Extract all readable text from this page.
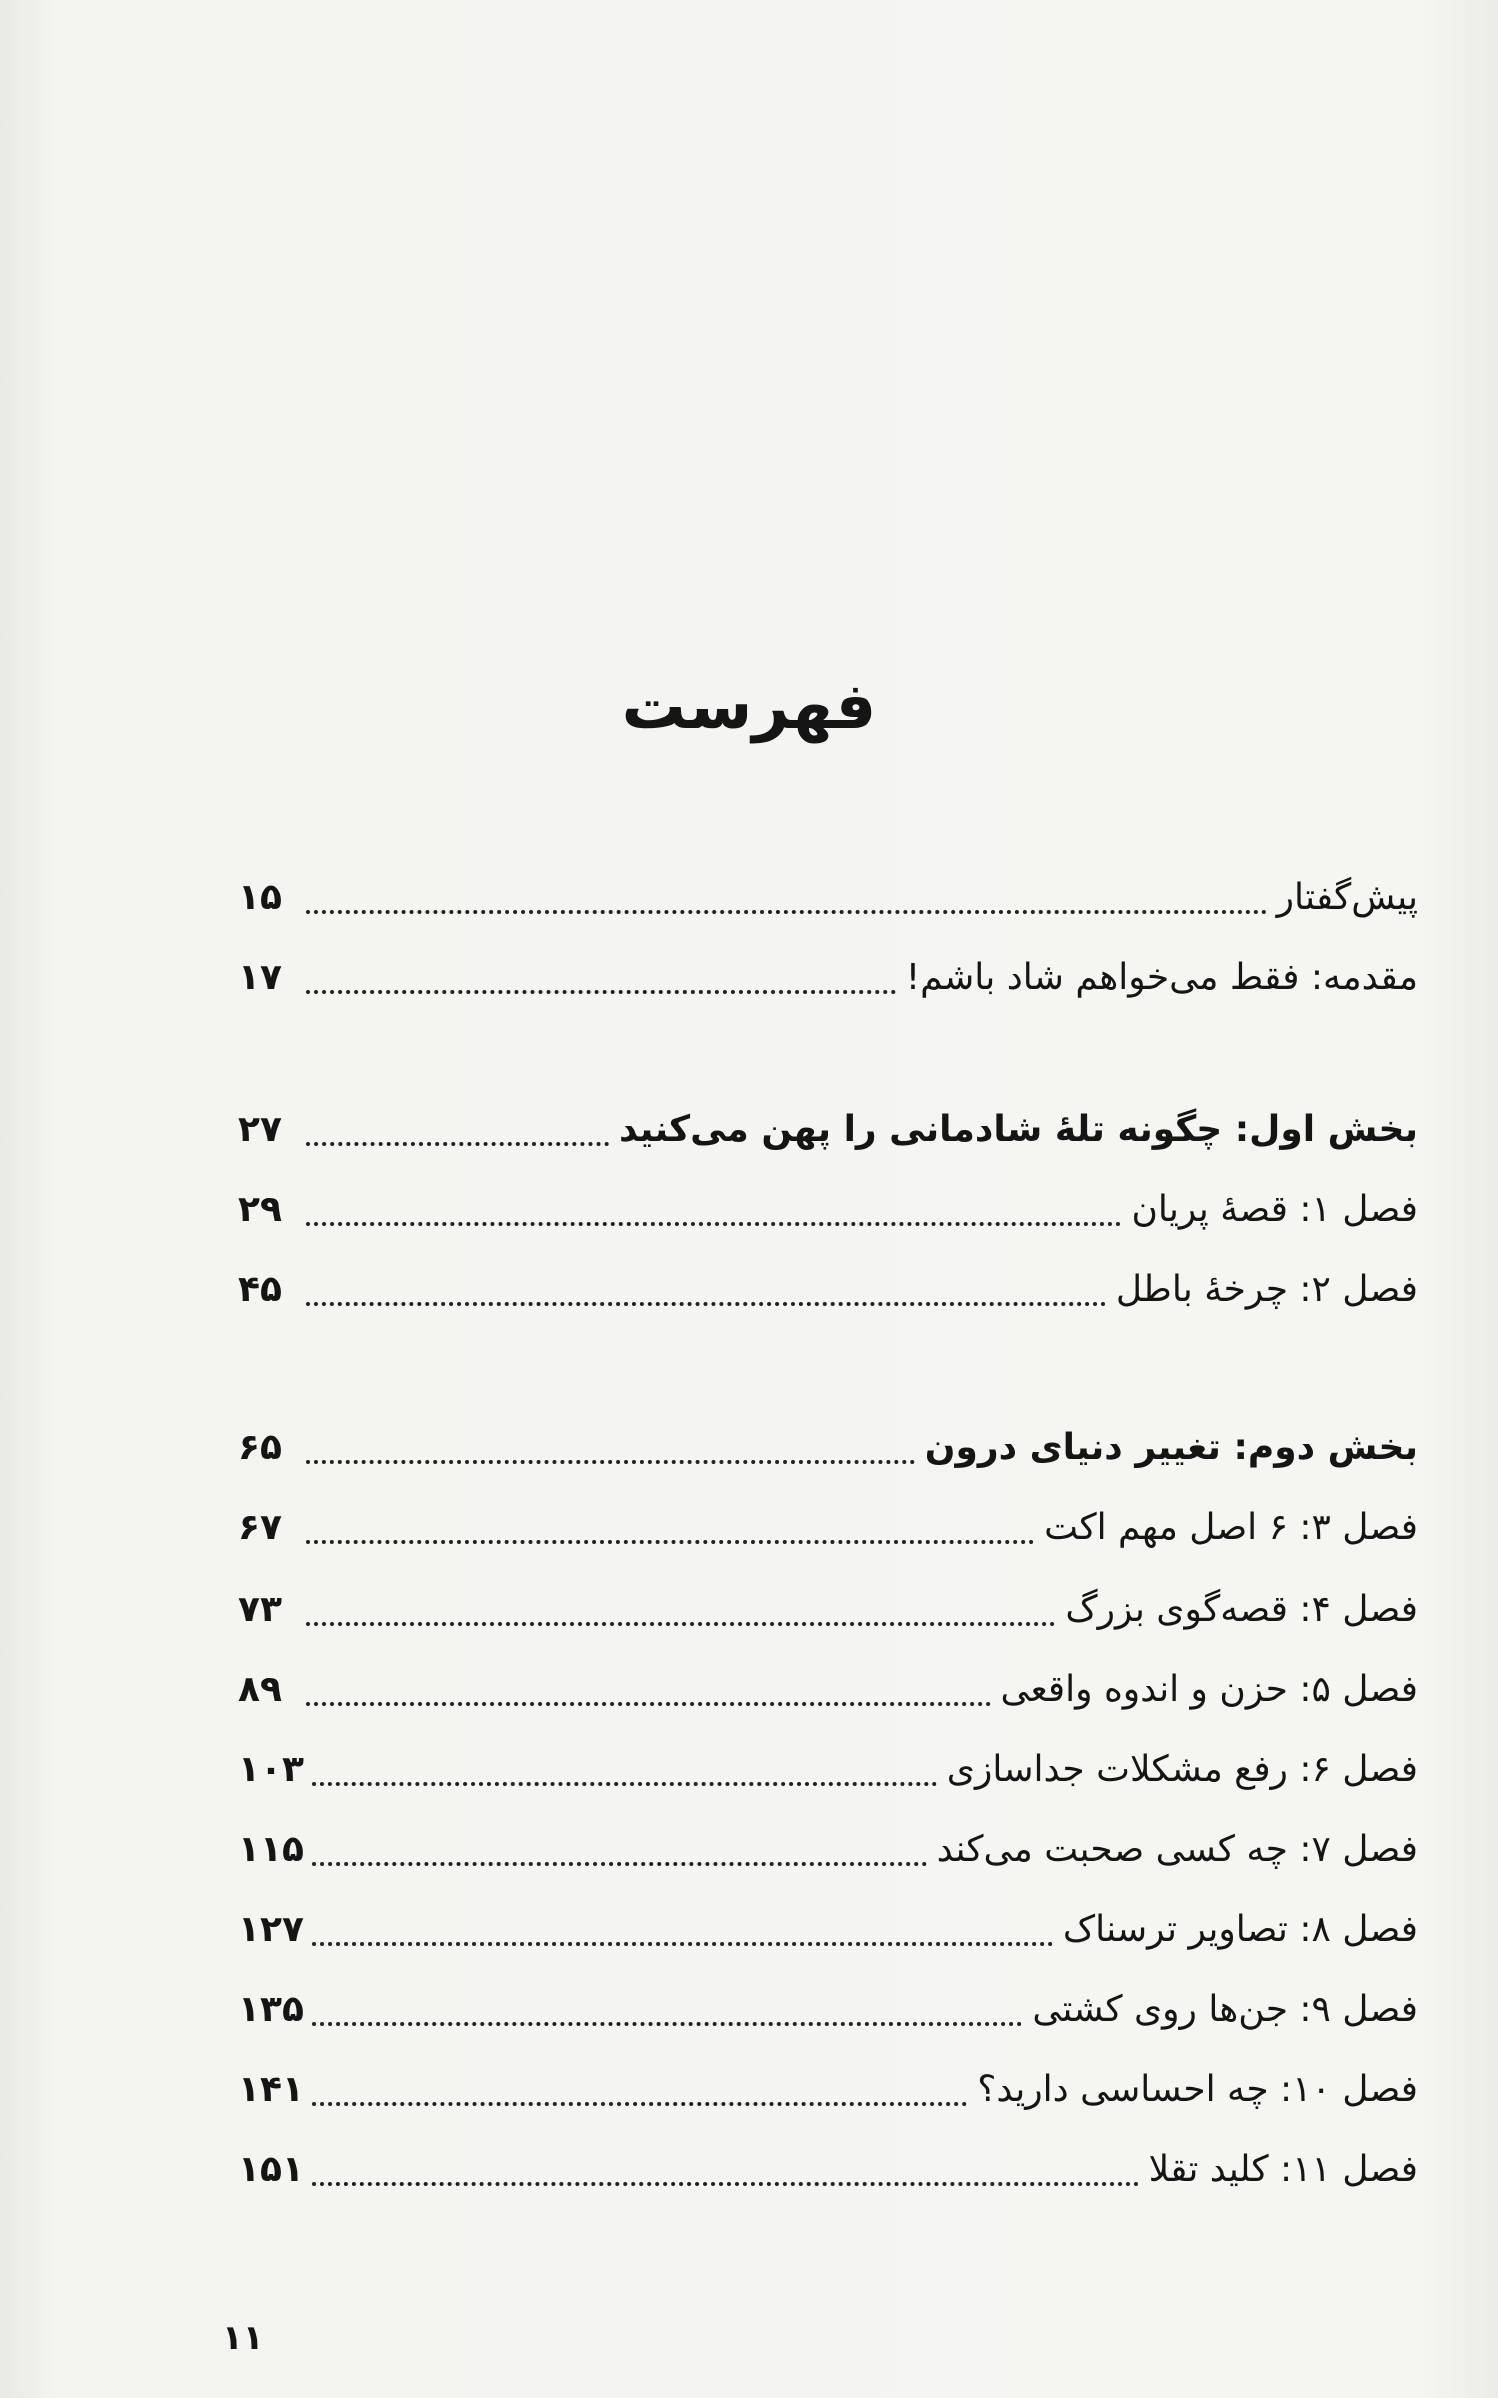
فهرست
پیش‌گفتار
۱۵
مقدمه: فقط می‌خواهم شاد باشم!
۱۷
بخش اول: چگونه تلهٔ شادمانی را پهن می‌کنید
۲۷
فصل ۱: قصهٔ پریان
۲۹
فصل ۲: چرخهٔ باطل
۴۵
بخش دوم: تغییر دنیای درون
۶۵
فصل ۳: ۶ اصل مهم اکت
۶۷
فصل ۴: قصه‌گوی بزرگ
۷۳
فصل ۵: حزن و اندوه واقعی
۸۹
فصل ۶: رفع مشکلات جداسازی
۱۰۳
فصل ۷: چه کسی صحبت می‌کند
۱۱۵
فصل ۸: تصاویر ترسناک
۱۲۷
فصل ۹: جن‌ها روی کشتی
۱۳۵
فصل ۱۰: چه احساسی دارید؟
۱۴۱
فصل ۱۱: کلید تقلا
۱۵۱
۱۱
